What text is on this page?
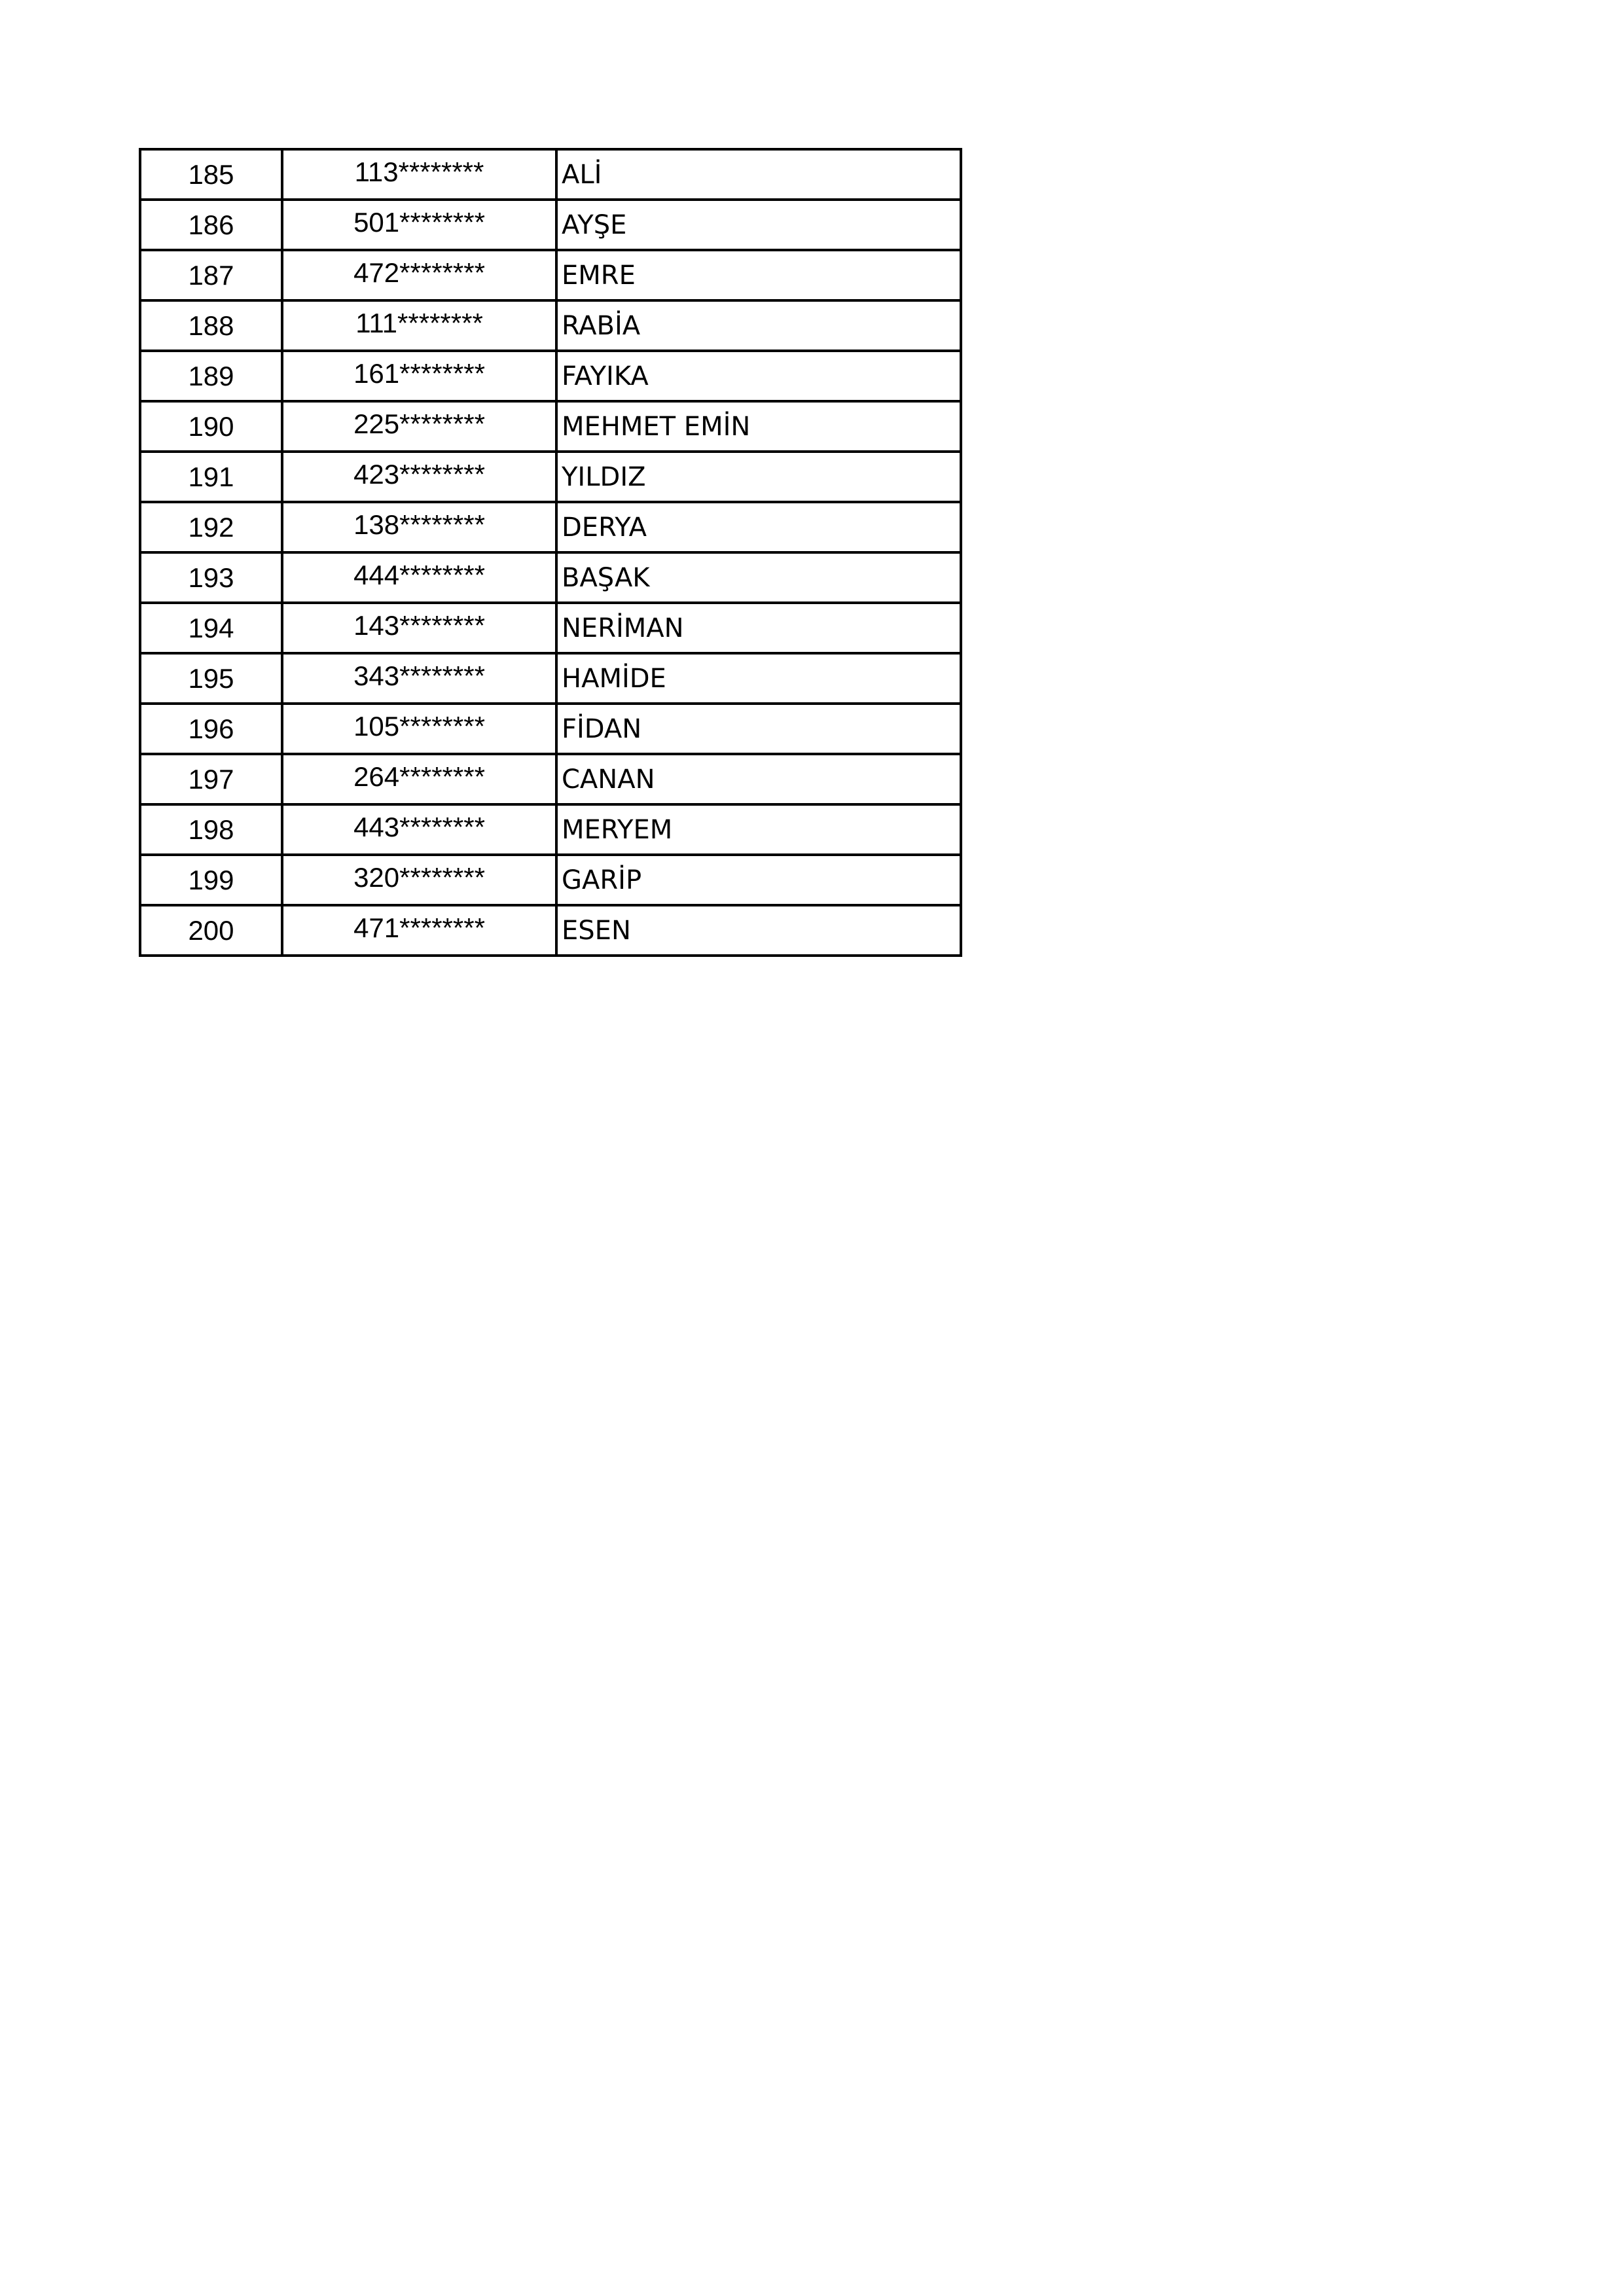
185	113********	ALİ
186	501********	AYŞE
187	472********	EMRE
188	111********	RABİA
189	161********	FAYIKA
190	225********	MEHMET EMİN
191	423********	YILDIZ
192	138********	DERYA
193	444********	BAŞAK
194	143********	NERİMAN
195	343********	HAMİDE
196	105********	FİDAN
197	264********	CANAN
198	443********	MERYEM
199	320********	GARİP
200	471********	ESEN
